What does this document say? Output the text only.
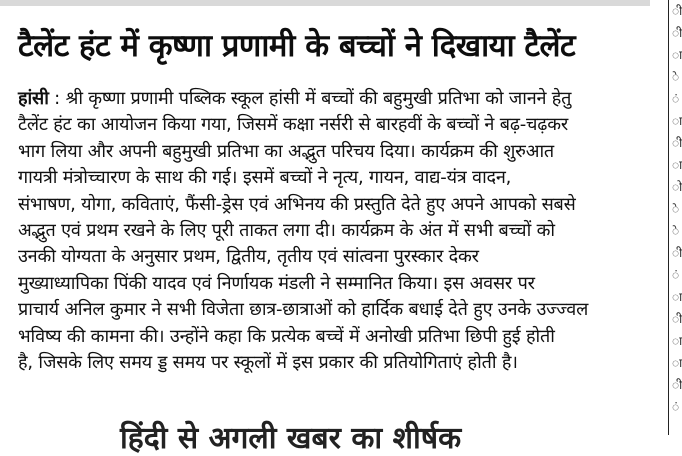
ी
ी
ा
े
ं
ा
ी
ा
ो
े
े
ी
ं
ा
ी
ा
ा
ी
ं
टैलेंट हंट में कृष्णा प्रणामी के बच्चों ने दिखाया टैलेंट
हांसी : श्री कृष्णा प्रणामी पब्लिक स्कूल हांसी में बच्चों की बहुमुखी प्रतिभा को जानने हेतु
टैलेंट हंट का आयोजन किया गया, जिसमें कक्षा नर्सरी से बारहवीं के बच्चों ने बढ़-चढ़कर
भाग लिया और अपनी बहुमुखी प्रतिभा का अद्भुत परिचय दिया। कार्यक्रम की शुरुआत
गायत्री मंत्रोच्चारण के साथ की गई। इसमें बच्चों ने नृत्य, गायन, वाद्य-यंत्र वादन,
संभाषण, योगा, कविताएं, फैंसी-ड्रेस एवं अभिनय की प्रस्तुति देते हुए अपने आपको सबसे
अद्भुत एवं प्रथम रखने के लिए पूरी ताकत लगा दी। कार्यक्रम के अंत में सभी बच्चों को
उनकी योग्यता के अनुसार प्रथम, द्वितीय, तृतीय एवं सांत्वना पुरस्कार देकर
मुख्याध्यापिका पिंकी यादव एवं निर्णायक मंडली ने सम्मानित किया। इस अवसर पर
प्राचार्य अनिल कुमार ने सभी विजेता छात्र-छात्राओं को हार्दिक बधाई देते हुए उनके उज्ज्वल
भविष्य की कामना की। उन्होंने कहा कि प्रत्येक बच्चें में अनोखी प्रतिभा छिपी हुई होती
है, जिसके लिए समय ड्ड समय पर स्कूलों में इस प्रकार की प्रतियोगिताएं होती है।
हिंदी से अगली खबर का शीर्षक
